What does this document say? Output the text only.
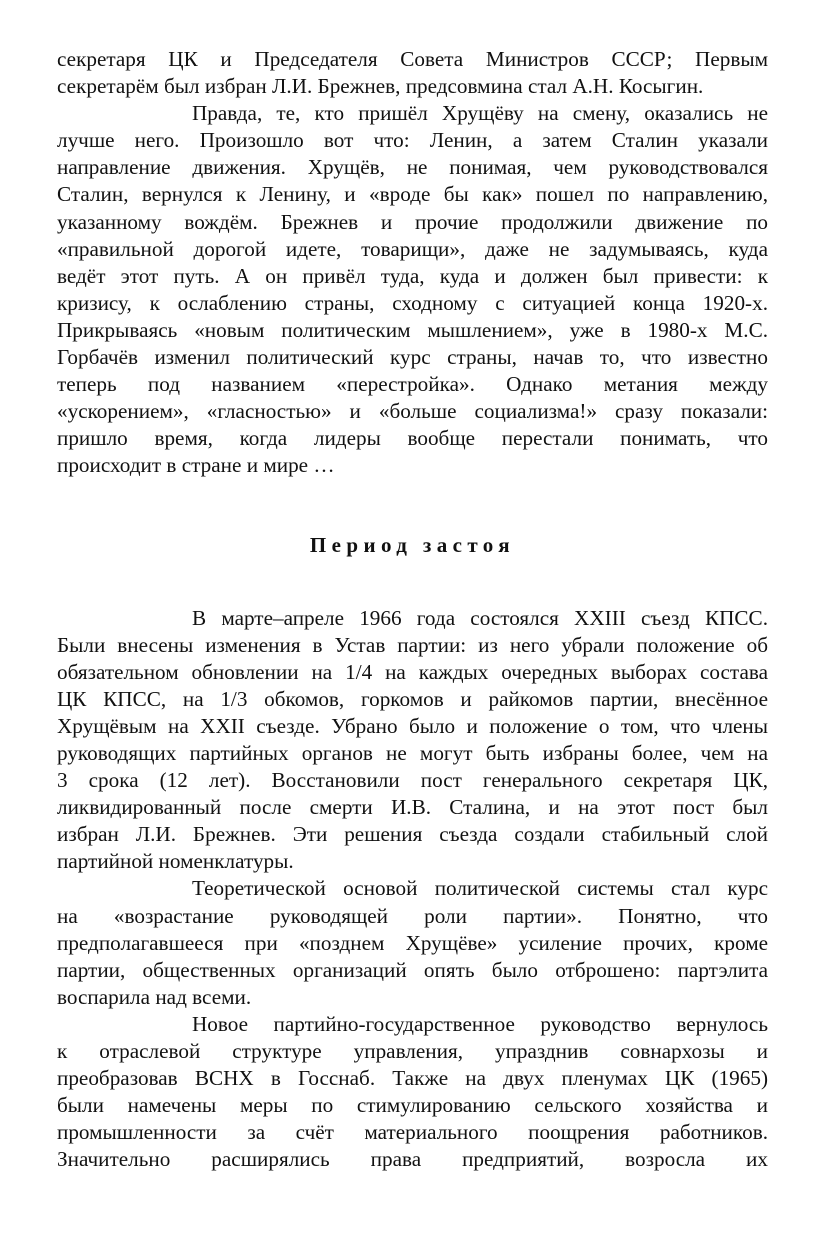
секретаря ЦК и Председателя Совета Министров СССР; Первым
секретарём был избран Л.И. Брежнев, предсовмина стал А.Н. Косыгин.
Правда, те, кто пришёл Хрущёву на смену, оказались не
лучше него. Произошло вот что: Ленин, а затем Сталин указали
направление движения. Хрущёв, не понимая, чем руководствовался
Сталин, вернулся к Ленину, и «вроде бы как» пошел по направлению,
указанному вождём. Брежнев и прочие продолжили движение по
«правильной дорогой идете, товарищи», даже не задумываясь, куда
ведёт этот путь. А он привёл туда, куда и должен был привести: к
кризису, к ослаблению страны, сходному с ситуацией конца 1920-х.
Прикрываясь «новым политическим мышлением», уже в 1980-х М.С.
Горбачёв изменил политический курс страны, начав то, что известно
теперь под названием «перестройка». Однако метания между
«ускорением», «гласностью» и «больше социализма!» сразу показали:
пришло время, когда лидеры вообще перестали понимать, что
происходит в стране и мире …
Период застоя
В марте–апреле 1966 года состоялся XXIII съезд КПСС.
Были внесены изменения в Устав партии: из него убрали положение об
обязательном обновлении на 1/4 на каждых очередных выборах состава
ЦК КПСС, на 1/3 обкомов, горкомов и райкомов партии, внесённое
Хрущёвым на XXII съезде. Убрано было и положение о том, что члены
руководящих партийных органов не могут быть избраны более, чем на
3 срока (12 лет). Восстановили пост генерального секретаря ЦК,
ликвидированный после смерти И.В. Сталина, и на этот пост был
избран Л.И. Брежнев. Эти решения съезда создали стабильный слой
партийной номенклатуры.
Теоретической основой политической системы стал курс
на «возрастание руководящей роли партии». Понятно, что
предполагавшееся при «позднем Хрущёве» усиление прочих, кроме
партии, общественных организаций опять было отброшено: партэлита
воспарила над всеми.
Новое партийно-государственное руководство вернулось
к отраслевой структуре управления, упразднив совнархозы и
преобразовав ВСНХ в Госснаб. Также на двух пленумах ЦК (1965)
были намечены меры по стимулированию сельского хозяйства и
промышленности за счёт материального поощрения работников.
Значительно расширялись права предприятий, возросла их
